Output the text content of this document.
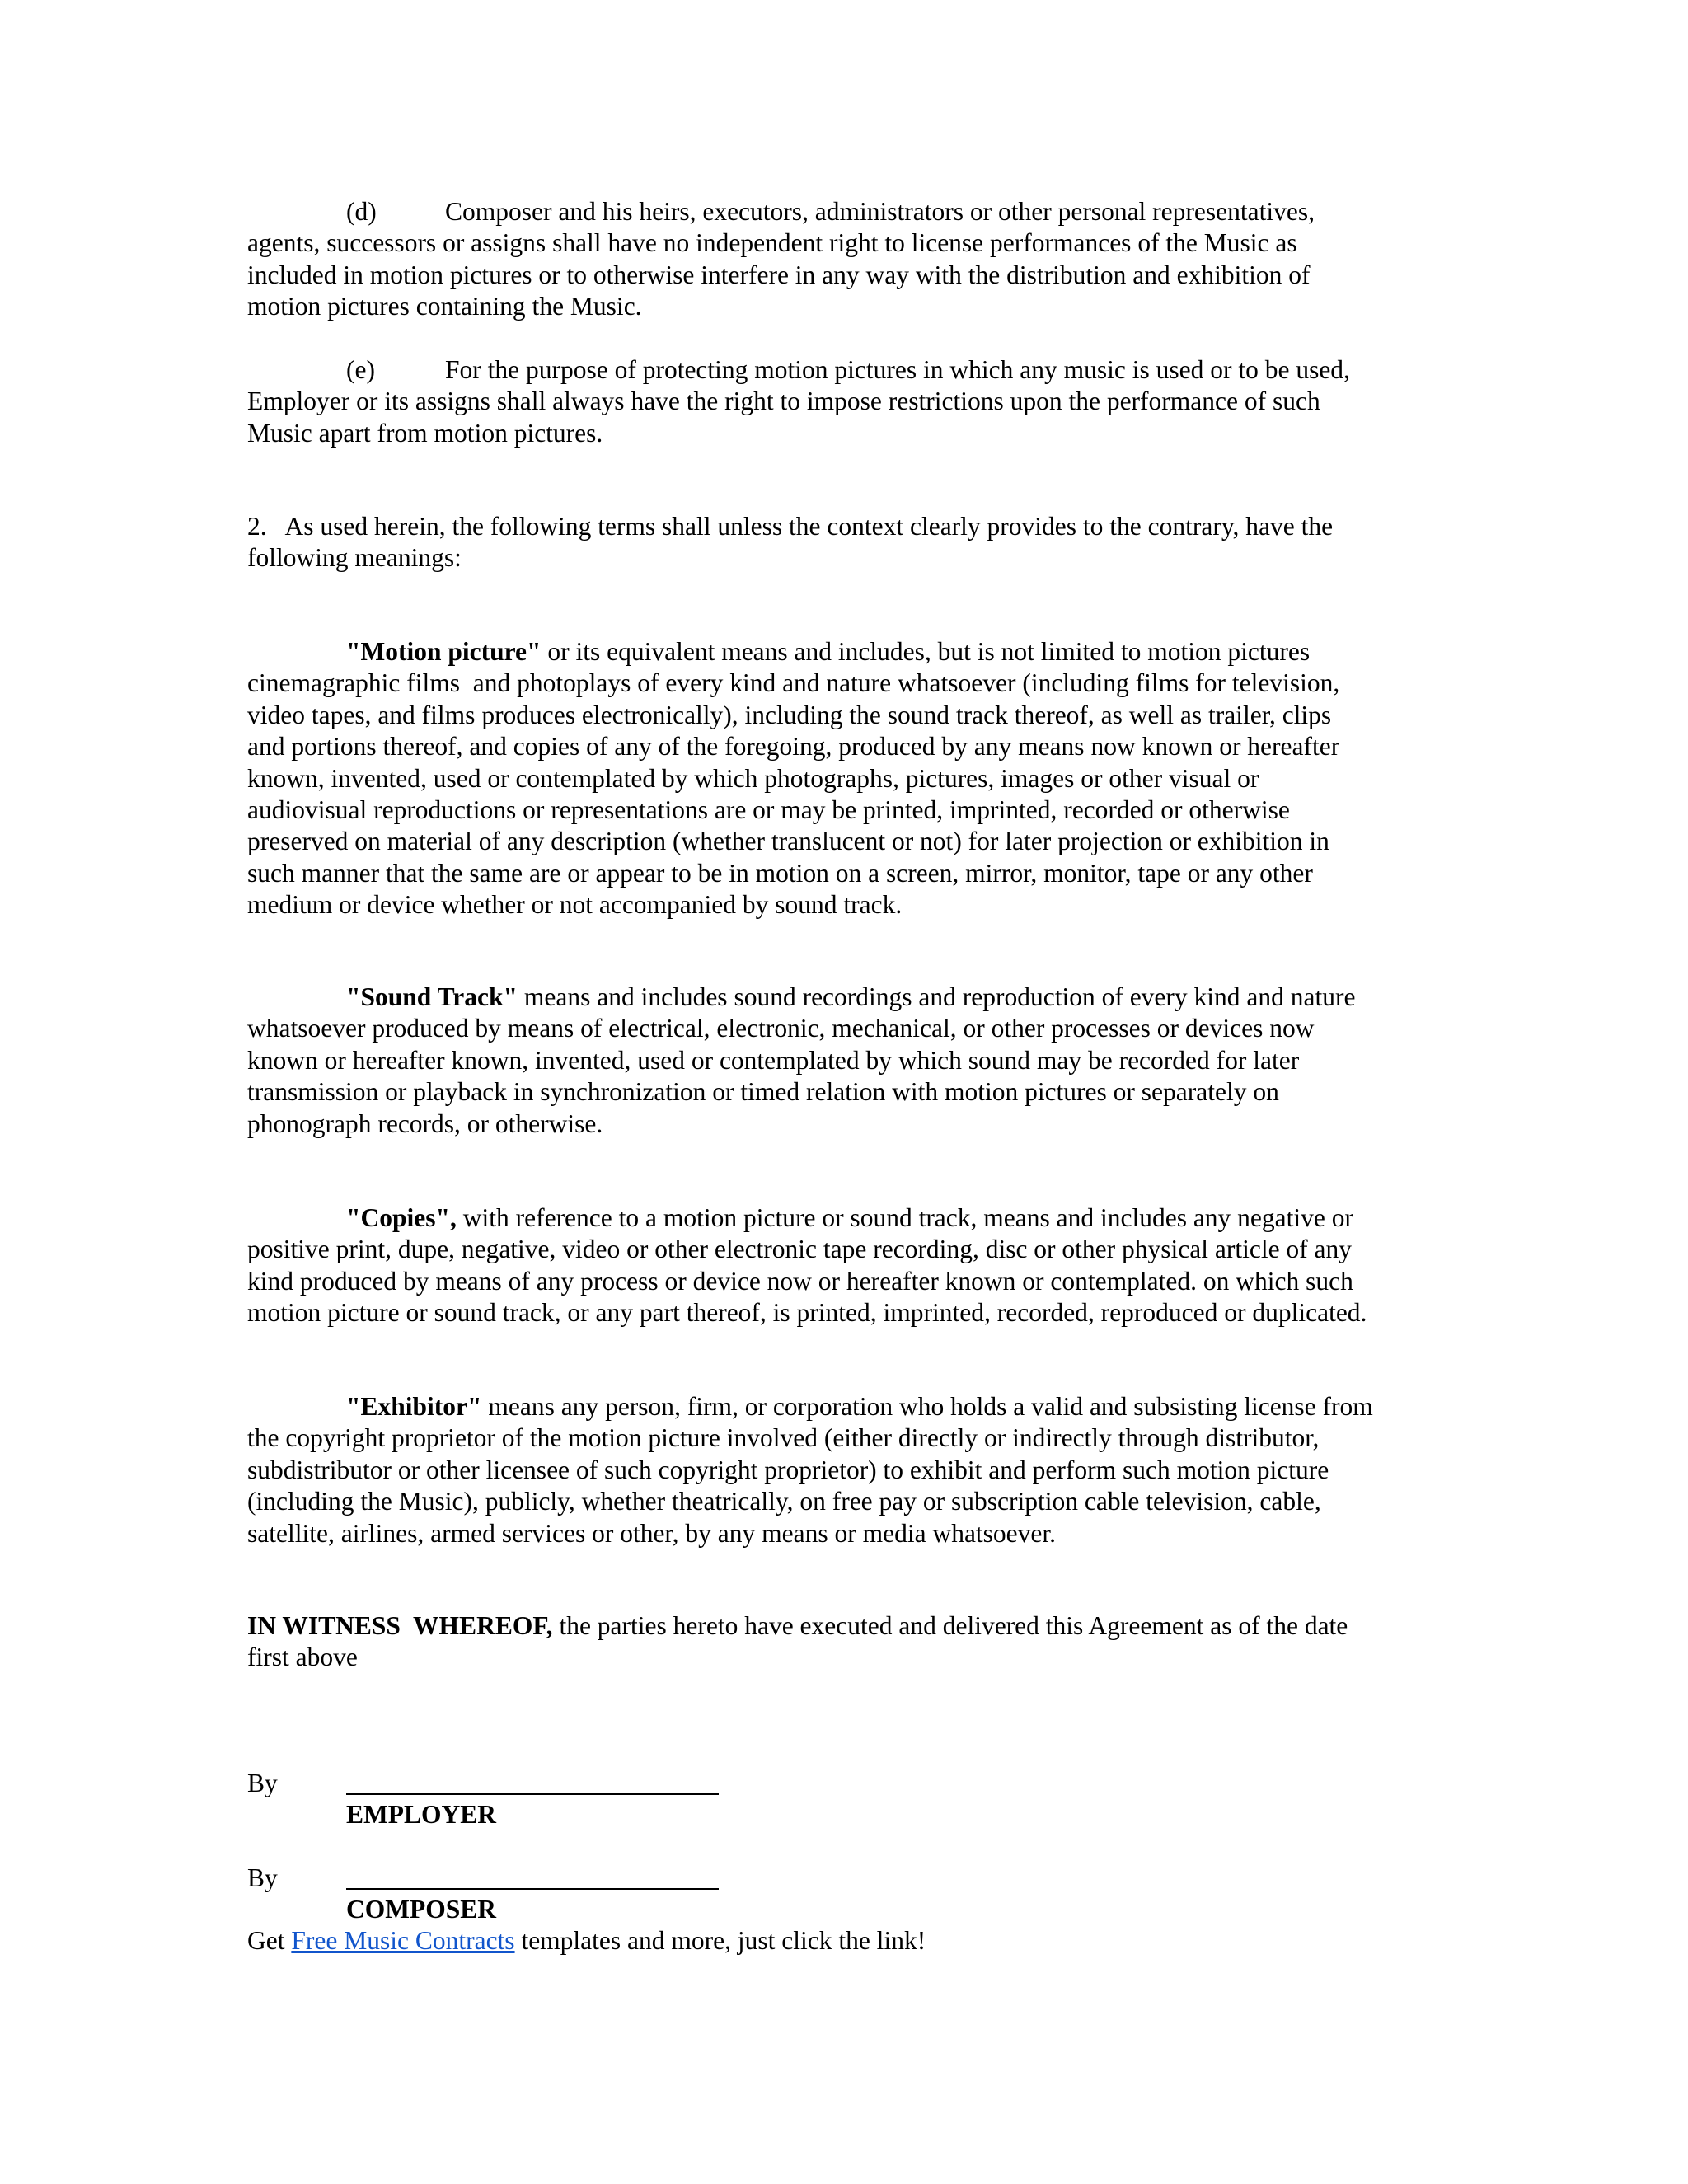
(d)	Composer and his heirs, executors, administrators or other personal representatives,
agents, successors or assigns shall have no independent right to license performances of the Music as
included in motion pictures or to otherwise interfere in any way with the distribution and exhibition of
motion pictures containing the Music.
(e)	For the purpose of protecting motion pictures in which any music is used or to be used,
Employer or its assigns shall always have the right to impose restrictions upon the performance of such
Music apart from motion pictures.
2.   As used herein, the following terms shall unless the context clearly provides to the contrary, have the
following meanings:
"Motion picture" or its equivalent means and includes, but is not limited to motion pictures
cinemagraphic films  and photoplays of every kind and nature whatsoever (including films for television,
video tapes, and films produces electronically), including the sound track thereof, as well as trailer, clips
and portions thereof, and copies of any of the foregoing, produced by any means now known or hereafter
known, invented, used or contemplated by which photographs, pictures, images or other visual or
audiovisual reproductions or representations are or may be printed, imprinted, recorded or otherwise
preserved on material of any description (whether translucent or not) for later projection or exhibition in
such manner that the same are or appear to be in motion on a screen, mirror, monitor, tape or any other
medium or device whether or not accompanied by sound track.
"Sound Track" means and includes sound recordings and reproduction of every kind and nature
whatsoever produced by means of electrical, electronic, mechanical, or other processes or devices now
known or hereafter known, invented, used or contemplated by which sound may be recorded for later
transmission or playback in synchronization or timed relation with motion pictures or separately on
phonograph records, or otherwise.
"Copies", with reference to a motion picture or sound track, means and includes any negative or
positive print, dupe, negative, video or other electronic tape recording, disc or other physical article of any
kind produced by means of any process or device now or hereafter known or contemplated. on which such
motion picture or sound track, or any part thereof, is printed, imprinted, recorded, reproduced or duplicated.
"Exhibitor" means any person, firm, or corporation who holds a valid and subsisting license from
the copyright proprietor of the motion picture involved (either directly or indirectly through distributor,
subdistributor or other licensee of such copyright proprietor) to exhibit and perform such motion picture
(including the Music), publicly, whether theatrically, on free pay or subscription cable television, cable,
satellite, airlines, armed services or other, by any means or media whatsoever.
IN WITNESS  WHEREOF, the parties hereto have executed and delivered this Agreement as of the date
first above
By
EMPLOYER
By
COMPOSER
Get Free Music Contracts templates and more, just click the link!
